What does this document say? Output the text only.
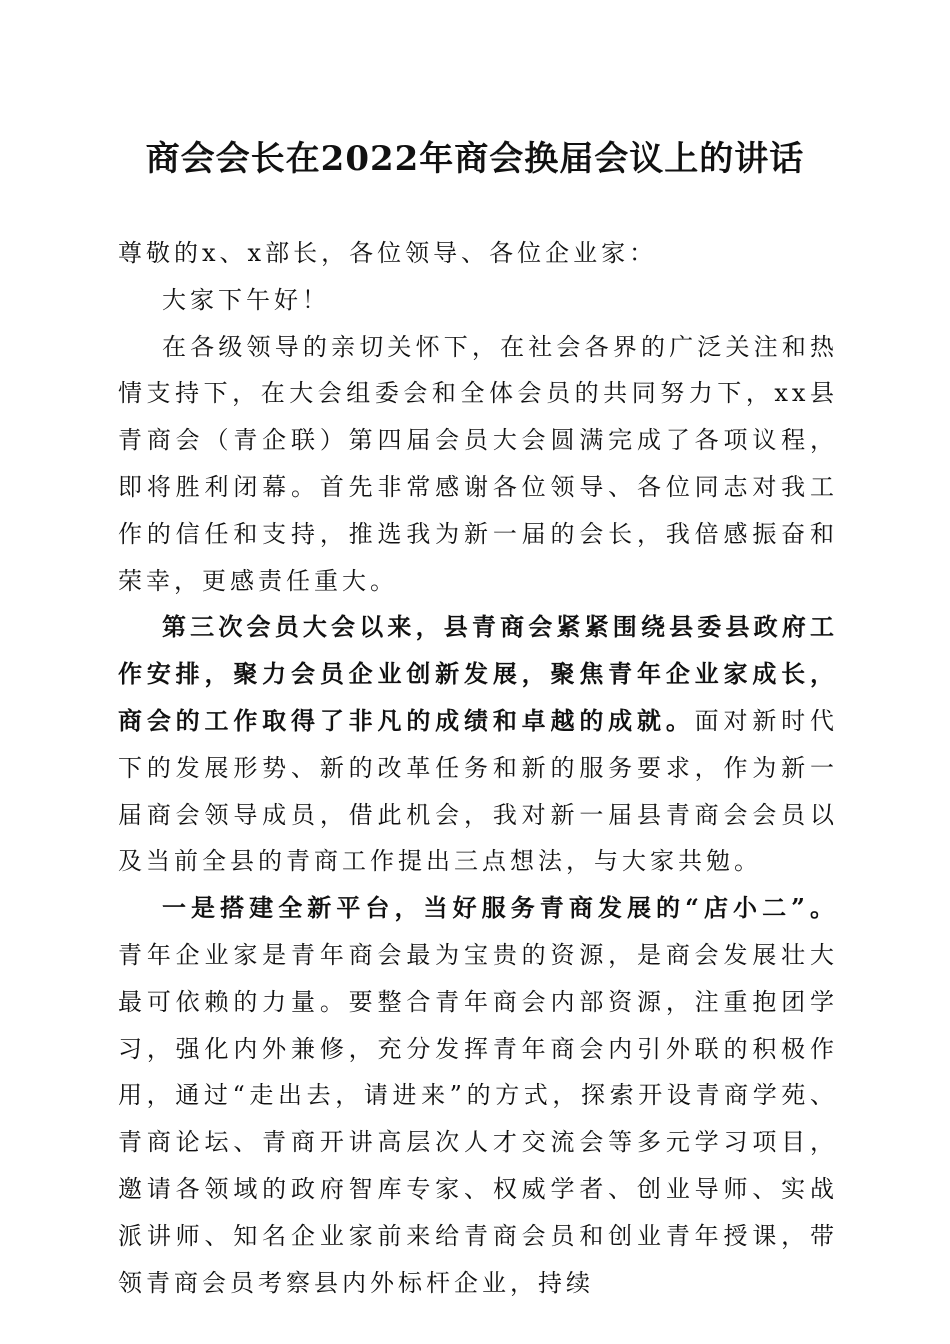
商会会长在2022年商会换届会议上的讲话

尊敬的x、x部长，各位领导、各位企业家：

大家下午好！

在各级领导的亲切关怀下，在社会各界的广泛关注和热情支持下，在大会组委会和全体会员的共同努力下，xx县青商会（青企联）第四届会员大会圆满完成了各项议程，即将胜利闭幕。首先非常感谢各位领导、各位同志对我工作的信任和支持，推选我为新一届的会长，我倍感振奋和荣幸，更感责任重大。

第三次会员大会以来，县青商会紧紧围绕县委县政府工作安排，聚力会员企业创新发展，聚焦青年企业家成长，商会的工作取得了非凡的成绩和卓越的成就。面对新时代下的发展形势、新的改革任务和新的服务要求，作为新一届商会领导成员，借此机会，我对新一届县青商会会员以及当前全县的青商工作提出三点想法，与大家共勉。

一是搭建全新平台，当好服务青商发展的“店小二”。青年企业家是青年商会最为宝贵的资源，是商会发展壮大最可依赖的力量。要整合青年商会内部资源，注重抱团学习，强化内外兼修，充分发挥青年商会内引外联的积极作用，通过“走出去，请进来”的方式，探索开设青商学苑、青商论坛、青商开讲高层次人才交流会等多元学习项目，邀请各领域的政府智库专家、权威学者、创业导师、实战派讲师、知名企业家前来给青商会员和创业青年授课，带领青商会员考察县内外标杆企业，持续
